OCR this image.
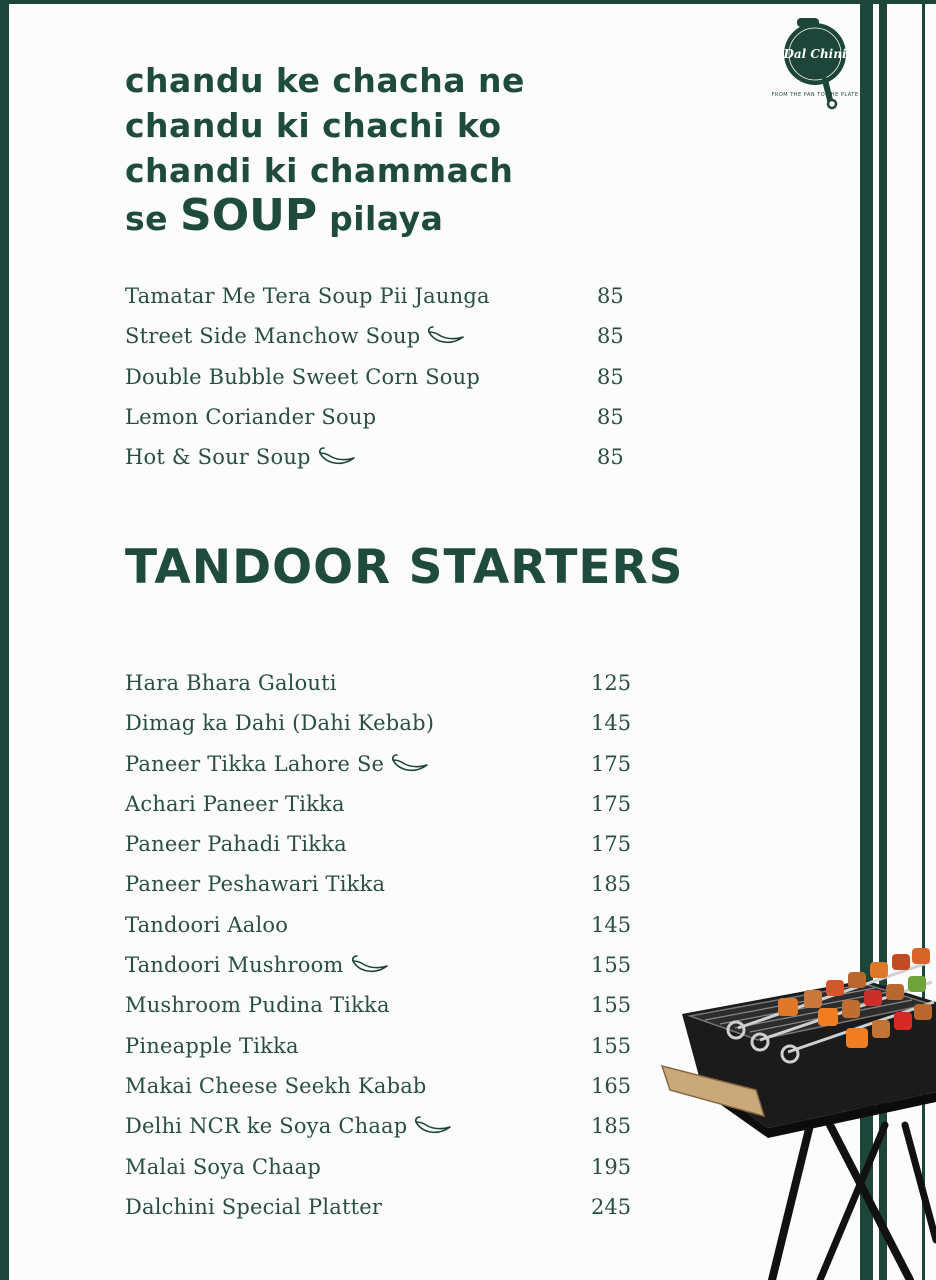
Dal Chini
FROM THE PAN TO THE PLATE
chandu ke chacha ne
chandu ki chachi ko
chandi ki chammach
se SOUP pilaya
Tamatar Me Tera Soup Pii Jaunga	85
Street Side Manchow Soup	85
Double Bubble Sweet Corn Soup	85
Lemon Coriander Soup	85
Hot & Sour Soup	85
TANDOOR STARTERS
Hara Bhara Galouti	125
Dimag ka Dahi (Dahi Kebab)	145
Paneer Tikka Lahore Se	175
Achari Paneer Tikka	175
Paneer Pahadi Tikka	175
Paneer Peshawari Tikka	185
Tandoori Aaloo	145
Tandoori Mushroom	155
Mushroom Pudina Tikka	155
Pineapple Tikka	155
Makai Cheese Seekh Kabab	165
Delhi NCR ke Soya Chaap	185
Malai Soya Chaap	195
Dalchini Special Platter	245
